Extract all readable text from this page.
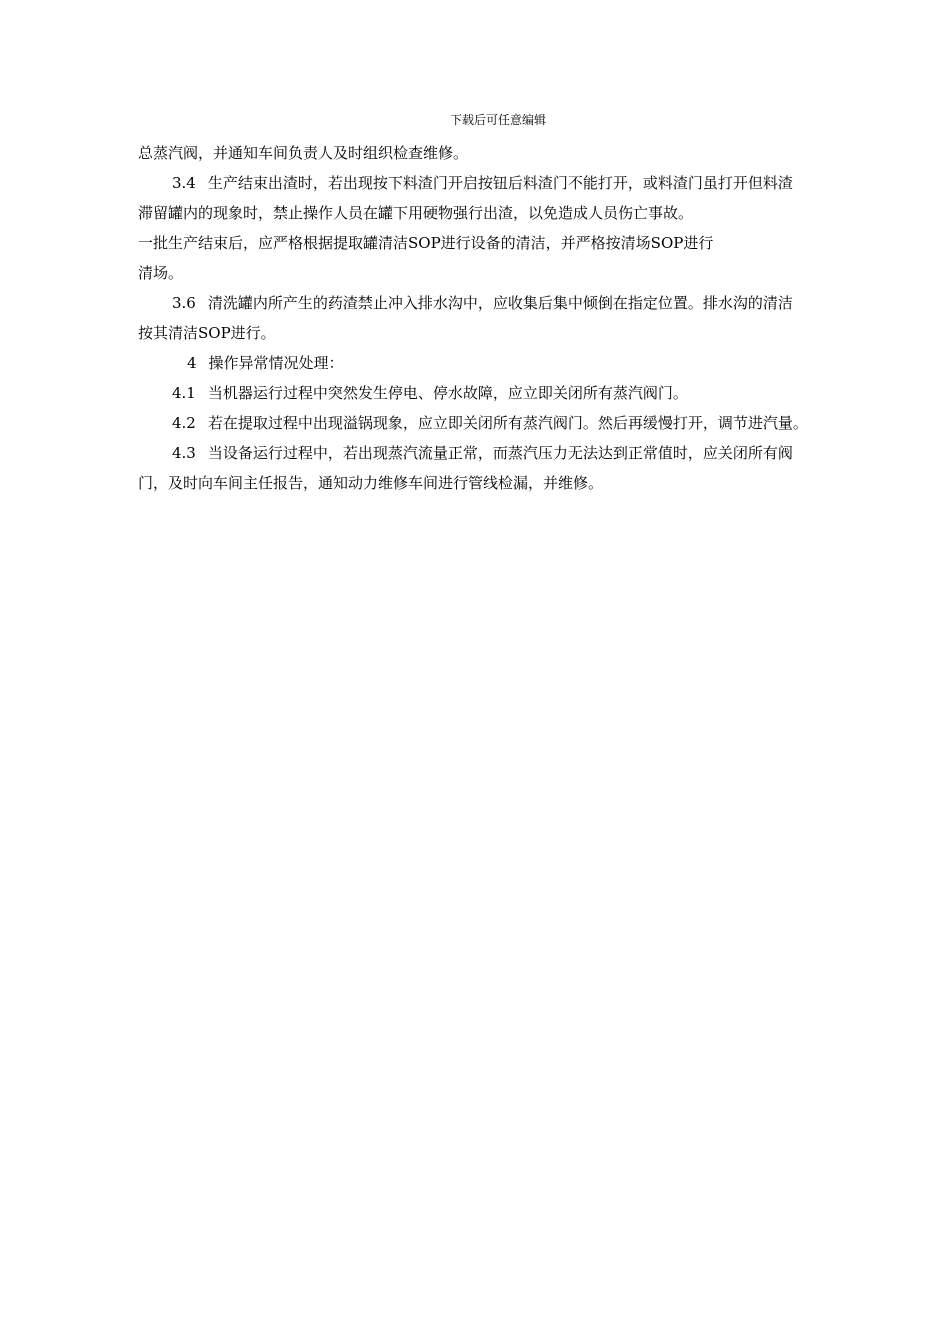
下载后可任意编辑
总蒸汽阀，并通知车间负责人及时组织检查维修。
3.4 生产结束出渣时，若出现按下料渣门开启按钮后料渣门不能打开，或料渣门虽打开但料渣
滞留罐内的现象时，禁止操作人员在罐下用硬物强行出渣，以免造成人员伤亡事故。
一批生产结束后，应严格根据提取罐清洁SOP进行设备的清洁，并严格按清场SOP进行
清场。
3.6 清洗罐内所产生的药渣禁止冲入排水沟中，应收集后集中倾倒在指定位置。排水沟的清洁
按其清洁SOP进行。
4 操作异常情况处理：
4.1 当机器运行过程中突然发生停电、停水故障，应立即关闭所有蒸汽阀门。
4.2 若在提取过程中出现溢锅现象，应立即关闭所有蒸汽阀门。然后再缓慢打开，调节进汽量。
4.3 当设备运行过程中，若出现蒸汽流量正常，而蒸汽压力无法达到正常值时，应关闭所有阀
门，及时向车间主任报告，通知动力维修车间进行管线检漏，并维修。
